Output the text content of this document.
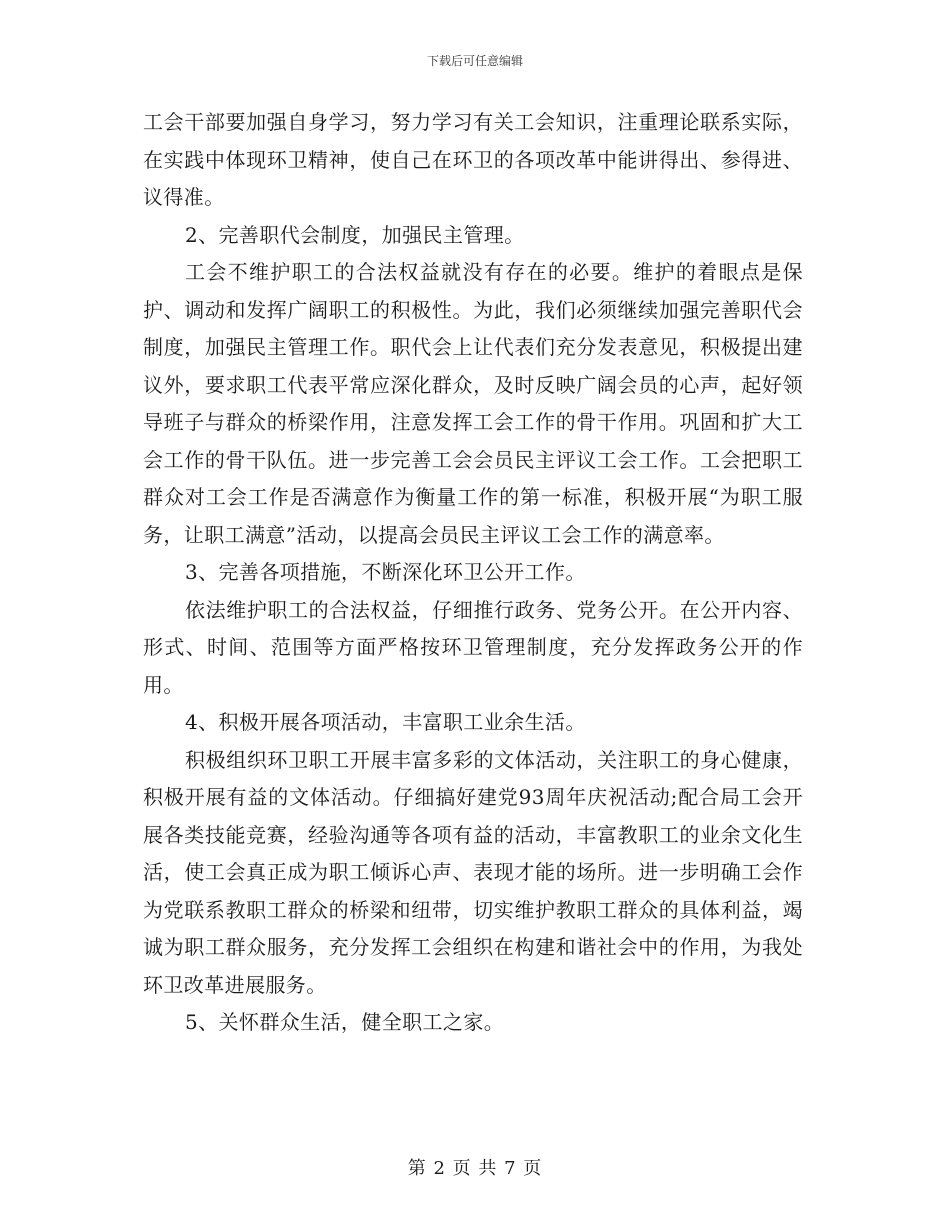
下载后可任意编辑

工会干部要加强自身学习，努力学习有关工会知识，注重理论联系实际，在实践中体现环卫精神，使自己在环卫的各项改革中能讲得出、参得进、议得准。

2、完善职代会制度，加强民主管理。

工会不维护职工的合法权益就没有存在的必要。维护的着眼点是保护、调动和发挥广阔职工的积极性。为此，我们必须继续加强完善职代会制度，加强民主管理工作。职代会上让代表们充分发表意见，积极提出建议外，要求职工代表平常应深化群众，及时反映广阔会员的心声，起好领导班子与群众的桥梁作用，注意发挥工会工作的骨干作用。巩固和扩大工会工作的骨干队伍。进一步完善工会会员民主评议工会工作。工会把职工群众对工会工作是否满意作为衡量工作的第一标准，积极开展“为职工服务，让职工满意”活动，以提高会员民主评议工会工作的满意率。

3、完善各项措施，不断深化环卫公开工作。

依法维护职工的合法权益，仔细推行政务、党务公开。在公开内容、形式、时间、范围等方面严格按环卫管理制度，充分发挥政务公开的作用。

4、积极开展各项活动，丰富职工业余生活。

积极组织环卫职工开展丰富多彩的文体活动，关注职工的身心健康，积极开展有益的文体活动。仔细搞好建党93周年庆祝活动;配合局工会开展各类技能竞赛，经验沟通等各项有益的活动，丰富教职工的业余文化生活，使工会真正成为职工倾诉心声、表现才能的场所。进一步明确工会作为党联系教职工群众的桥梁和纽带，切实维护教职工群众的具体利益，竭诚为职工群众服务，充分发挥工会组织在构建和谐社会中的作用，为我处环卫改革进展服务。

5、关怀群众生活，健全职工之家。

第 2 页 共 7 页
